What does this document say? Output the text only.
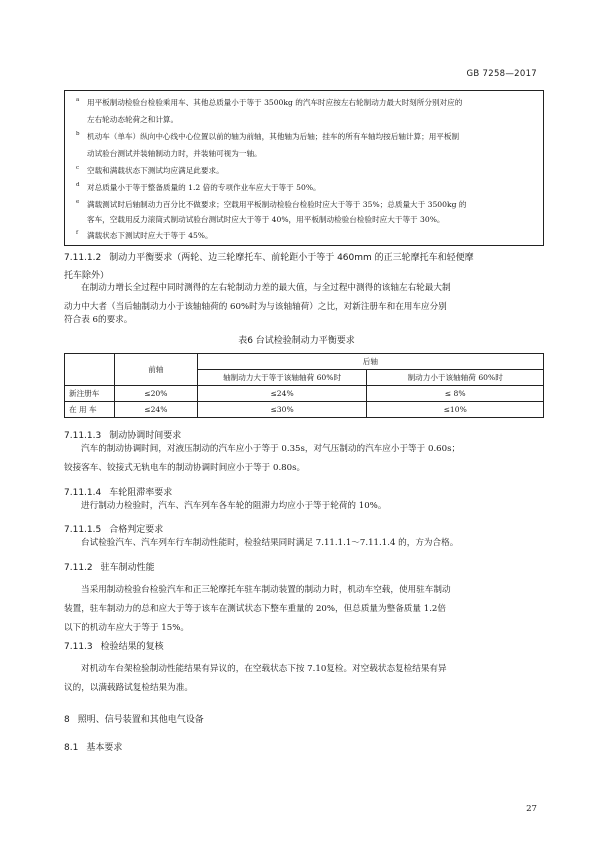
GB 7258—2017
a 用平板制动检验台检验乘用车、其他总质量小于等于 3500kg 的汽车时应按左右轮制动力最大时刻所分别对应的
左右轮动态轮荷之和计算。
b 机动车（单车）纵向中心线中心位置以前的轴为前轴，其他轴为后轴；挂车的所有车轴均按后轴计算；用平板制
动试验台测试并装轴制动力时，并装轴可视为一轴。
c 空载和满载状态下测试均应满足此要求。
d 对总质量小于等于整备质量的 1.2 倍的专项作业车应大于等于 50%。
e 满载测试时后轴制动力百分比不做要求；空载用平板制动检验台检验时应大于等于 35%；总质量大于 3500kg 的
客车，空载用反力滚筒式制动试验台测试时应大于等于 40%，用平板制动检验台检验时应大于等于 30%。
f 满载状态下测试时应大于等于 45%。
7.11.1.2 制动力平衡要求（两轮、边三轮摩托车、前轮距小于等于 460mm 的正三轮摩托车和轻便摩
托车除外）
在制动力增长全过程中同时测得的左右轮制动力差的最大值，与全过程中测得的该轴左右轮最大制
动力中大者（当后轴制动力小于该轴轴荷的 60%时为与该轴轴荷）之比，对新注册车和在用车应分别
符合表 6的要求。
表6 台试检验制动力平衡要求
	前轴	后轴	
		轴制动力大于等于该轴轴荷 60%时	制动力小于该轴轴荷 60%时
新注册车	≤20%	≤24%	≤ 8%
在 用 车	≤24%	≤30%	≤10%
7.11.1.3 制动协调时间要求
汽车的制动协调时间，对液压制动的汽车应小于等于 0.35s，对气压制动的汽车应小于等于 0.60s；
铰接客车、铰接式无轨电车的制动协调时间应小于等于 0.80s。
7.11.1.4 车轮阻滞率要求
进行制动力检验时，汽车、汽车列车各车轮的阻滞力均应小于等于轮荷的 10%。
7.11.1.5 合格判定要求
台试检验汽车、汽车列车行车制动性能时，检验结果同时满足 7.11.1.1～7.11.1.4 的，方为合格。
7.11.2 驻车制动性能
当采用制动检验台检验汽车和正三轮摩托车驻车制动装置的制动力时，机动车空载，使用驻车制动
装置，驻车制动力的总和应大于等于该车在测试状态下整车重量的 20%，但总质量为整备质量 1.2倍
以下的机动车应大于等于 15%。
7.11.3 检验结果的复核
对机动车台架检验制动性能结果有异议的，在空载状态下按 7.10复检。对空载状态复检结果有异
议的，以满载路试复检结果为准。
8 照明、信号装置和其他电气设备
8.1 基本要求
27
